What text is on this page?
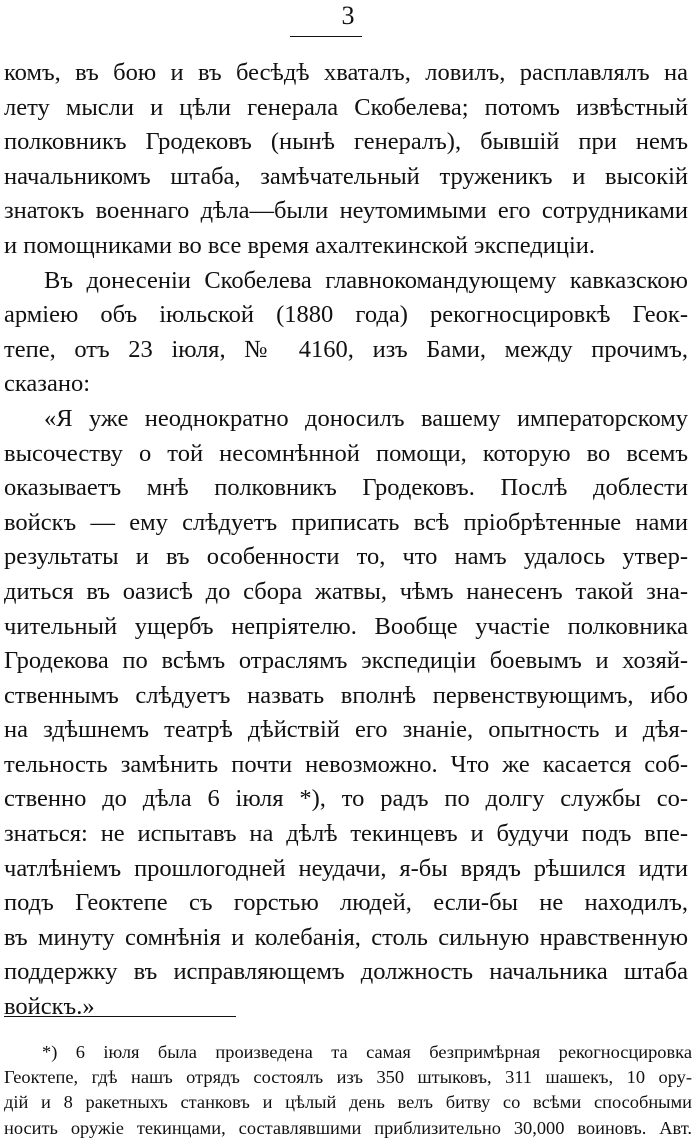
3
комъ, въ бою и въ бесѣдѣ хваталъ, ловилъ, расплавлялъ на
лету мысли и цѣли генерала Скобелева; потомъ извѣстный
полковникъ Гродековъ (нынѣ генералъ), бывшій при немъ
начальникомъ штаба, замѣчательный труженикъ и высокій
знатокъ военнаго дѣла—были неутомимыми его сотрудниками
и помощниками во все время ахалтекинской экспедиціи.
Въ донесеніи Скобелева главнокомандующему кавказскою
арміею объ іюльской (1880 года) рекогносцировкѣ Геок-
тепе, отъ 23 іюля, № 4160, изъ Бами, между прочимъ,
сказано:
«Я уже неоднократно доносилъ вашему императорскому
высочеству о той несомнѣнной помощи, которую во всемъ
оказываетъ мнѣ полковникъ Гродековъ. Послѣ доблести
войскъ — ему слѣдуетъ приписать всѣ пріобрѣтенные нами
результаты и въ особенности то, что намъ удалось утвер-
диться въ оазисѣ до сбора жатвы, чѣмъ нанесенъ такой зна-
чительный ущербъ непріятелю. Вообще участіе полковника
Гродекова по всѣмъ отраслямъ экспедиціи боевымъ и хозяй-
ственнымъ слѣдуетъ назвать вполнѣ первенствующимъ, ибо
на здѣшнемъ театрѣ дѣйствій его знаніе, опытность и дѣя-
тельность замѣнить почти невозможно. Что же касается соб-
ственно до дѣла 6 іюля *), то радъ по долгу службы со-
знаться: не испытавъ на дѣлѣ текинцевъ и будучи подъ впе-
чатлѣніемъ прошлогодней неудачи, я-бы врядъ рѣшился идти
подъ Геоктепе съ горстью людей, если-бы не находилъ,
въ минуту сомнѣнія и колебанія, столь сильную нравственную
поддержку въ исправляющемъ должность начальника штаба
войскъ.»
*) 6 іюля была произведена та самая безпримѣрная рекогносцировка
Геоктепе, гдѣ нашъ отрядъ состоялъ изъ 350 штыковъ, 311 шашекъ, 10 ору-
дій и 8 ракетныхъ станковъ и цѣлый день велъ битву со всѣми способными
носить оружіе текинцами, составлявшими приблизительно 30,000 воиновъ. Авт.
